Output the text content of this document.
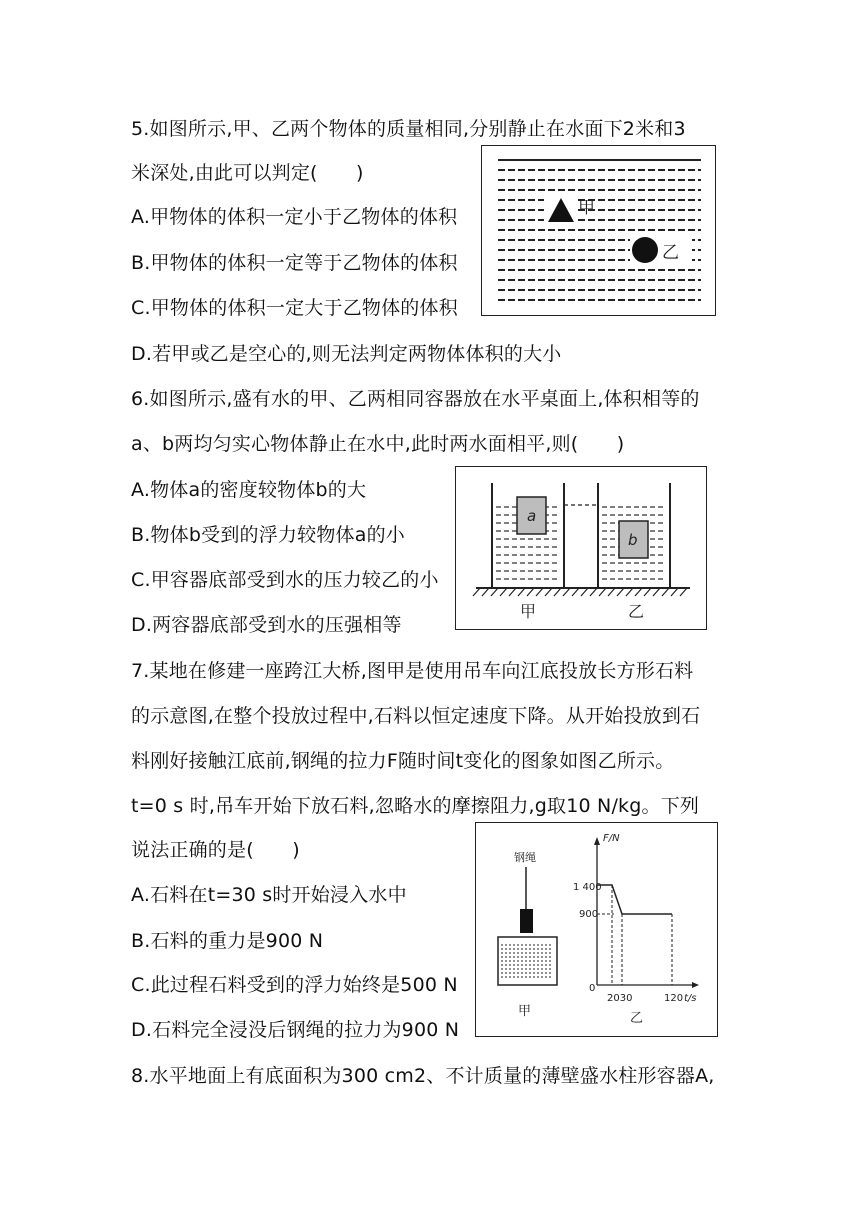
5.如图所示,甲、乙两个物体的质量相同,分别静止在水面下2米和3
米深处,由此可以判定(　　)
A.甲物体的体积一定小于乙物体的体积
B.甲物体的体积一定等于乙物体的体积
C.甲物体的体积一定大于乙物体的体积
D.若甲或乙是空心的,则无法判定两物体体积的大小
甲
乙
6.如图所示,盛有水的甲、乙两相同容器放在水平桌面上,体积相等的
a、b两均匀实心物体静止在水中,此时两水面相平,则(　　)
A.物体a的密度较物体b的大
B.物体b受到的浮力较物体a的小
C.甲容器底部受到水的压力较乙的小
D.两容器底部受到水的压强相等
a
b
甲	乙
7.某地在修建一座跨江大桥,图甲是使用吊车向江底投放长方形石料
的示意图,在整个投放过程中,石料以恒定速度下降。从开始投放到石
料刚好接触江底前,钢绳的拉力F随时间t变化的图象如图乙所示。
t=0 s 时,吊车开始下放石料,忽略水的摩擦阻力,g取10 N/kg。下列
说法正确的是(　　)
A.石料在t=30 s时开始浸入水中
B.石料的重力是900 N
C.此过程石料受到的浮力始终是500 N
D.石料完全浸没后钢绳的拉力为900 N
钢绳
甲
F/N
1 400
900
0
2030	120 t/s
乙
8.水平地面上有底面积为300 cm2、不计质量的薄壁盛水柱形容器A,
